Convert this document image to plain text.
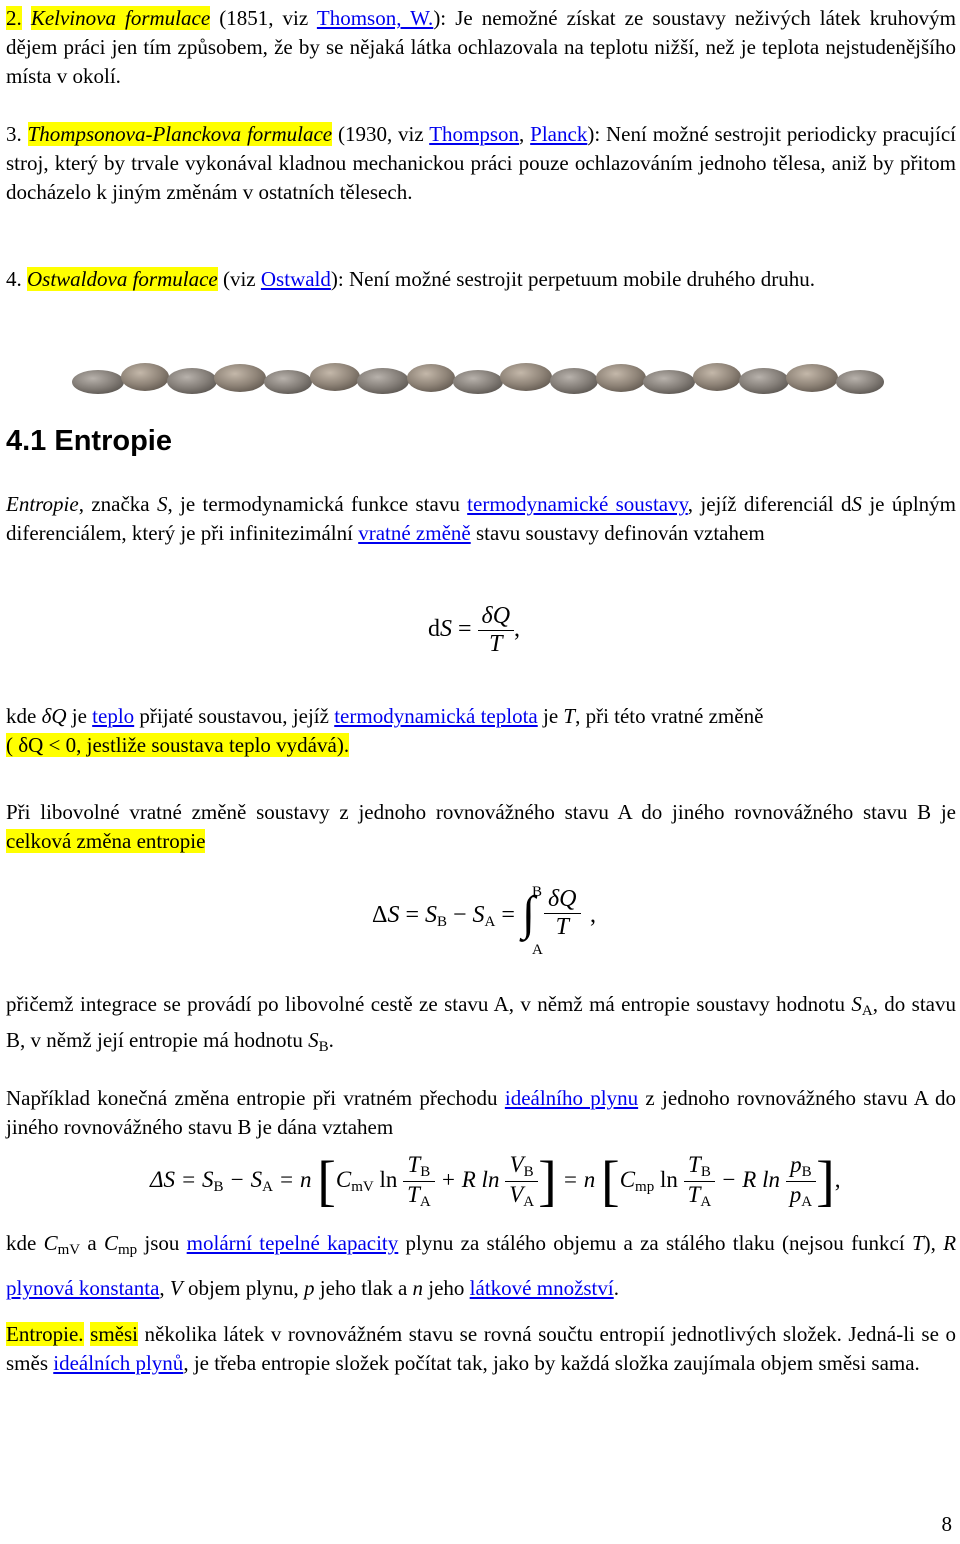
2. Kelvinova formulace (1851, viz Thomson, W.): Je nemožné získat ze soustavy neživých látek kruhovým dějem práci jen tím způsobem, že by se nějaká látka ochlazovala na teplotu nižší, než je teplota nejstudenějšího místa v okolí.

3. Thompsonova-Planckova formulace (1930, viz Thompson, Planck): Není možné sestrojit periodicky pracující stroj, který by trvale vykonával kladnou mechanickou práci pouze ochlazováním jednoho tělesa, aniž by přitom docházelo k jiným změnám v ostatních tělesech.

4. Ostwaldova formulace (viz Ostwald): Není možné sestrojit perpetuum mobile druhého druhu.

4.1 Entropie

Entropie, značka S, je termodynamická funkce stavu termodynamické soustavy, jejíž diferenciál dS je úplným diferenciálem, který je při infinitezimální vratné změně stavu soustavy definován vztahem

dS = $\frac{\delta Q}{T}$ ,

kde δQ je teplo přijaté soustavou, jejíž termodynamická teplota je T, při této vratné změně
( δQ < 0, jestliže soustava teplo vydává).

Při libovolné vratné změně soustavy z jednoho rovnovážného stavu A do jiného rovnovážného stavu B je celková změna entropie

$\Delta S = S_B - S_A$ =
B
∫
A
$\frac{\delta Q}{T}$ ,

přičemž integrace se provádí po libovolné cestě ze stavu A, v němž má entropie soustavy hodnotu $S_A$, do stavu B, v němž její entropie má hodnotu $S_B$.

Například konečná změna entropie při vratném přechodu ideálního plynu z jednoho rovnovážného stavu A do jiného rovnovážného stavu B je dána vztahem

$\Delta S = S_B - S_A = n$ [$C_{mV}$ $\ln \frac{T_B}{T_A} + R$ $\ln \frac{V_B}{V_A}$ ] = n [$C_{mp}$ $\ln \frac{T_B}{T_A} - R$ $\ln \frac{p_B}{p_A}$ ],

kde $C_{mV}$ a $C_{mp}$ jsou molární tepelné kapacity plynu za stálého objemu a za stálého tlaku (nejsou funkcí T), R plynová konstanta, V objem plynu, p jeho tlak a n jeho látkové množství.

Entropie. směsi několika látek v rovnovážném stavu se rovná součtu entropií jednotlivých složek. Jedná-li se o směs ideálních plynů, je třeba entropie složek počítat tak, jako by každá složka zaujímala objem směsi sama.

8
